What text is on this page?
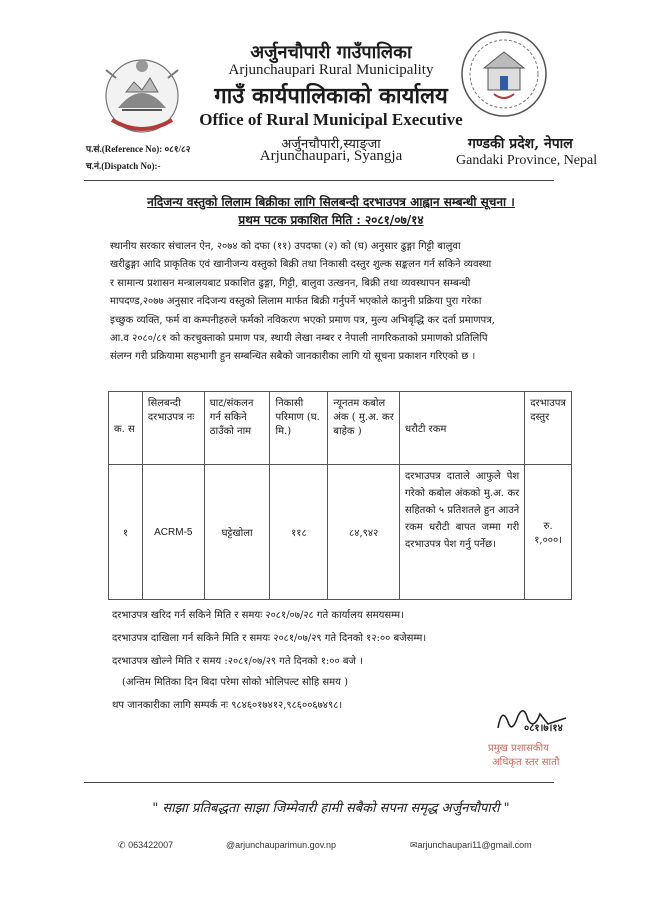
अर्जुनचौपारी गाउँपालिका
Arjunchaupari Rural Municipality
गाउँ कार्यपालिकाको कार्यालय
Office of Rural Municipal Executive
अर्जुनचौपारी,स्याङ्जा
Arjunchaupari, Syangja
गण्डकी प्रदेश, नेपाल
Gandaki Province, Nepal
प.सं.(Reference No): ०८१/८२
च.नं.(Dispatch No):-
नदिजन्य वस्तुको लिलाम बिक्रीका लागि सिलबन्दी दरभाउपत्र आह्वान सम्बन्धी सूचना ।
प्रथम पटक प्रकाशित मिति : २०८१/०७/१४
स्थानीय सरकार संचालन ऐन, २०७४ को दफा (११) उपदफा (२) को (घ) अनुसार ढुङ्गा गिट्टी बालुवा
खरीढुङ्गा आदि प्राकृतिक एवं खानीजन्य वस्तुको बिक्री तथा निकासी दस्तुर शुल्क सङ्कलन गर्न सकिने व्यवस्था
र सामान्य प्रशासन मन्त्रालयबाट प्रकाशित ढुङ्गा, गिट्टी, बालुवा उत्खनन, बिक्री तथा व्यवस्थापन सम्बन्धी
मापदण्ड,२०७७ अनुसार नदिजन्य वस्तुको लिलाम मार्फत बिक्री गर्नुपर्ने भएकोले कानुनी प्रक्रिया पुरा गरेका
इच्छुक व्यक्ति, फर्म वा कम्पनीहरुले फर्मको नविकरण भएको प्रमाण पत्र, मुल्य अभिबृद्धि कर दर्ता प्रमाणपत्र,
आ.व २०८०/८१ को करचुक्ताको प्रमाण पत्र, स्थायी लेखा नम्बर र नेपाली नागरिकताको प्रमाणको प्रतिलिपि
संलग्न गरी प्रक्रियामा सहभागी हुन सम्बन्धित सबैको जानकारीका लागि यो सूचना प्रकाशन गरिएको छ ।
क. स	सिलबन्दी दरभाउपत्र नः	घाट/संकलन गर्न सकिने ठाउँको नाम	निकासी परिमाण (घ. मि.)	न्यूनतम कबोल अंक ( मु.अ. कर बाहेक )	धरौटी रकम	दरभाउपत्र दस्तुर
१	ACRM-5	घट्टेखोला	११८	८४,९४२	दरभाउपत्र दाताले आफुले पेश गरेको कबोल अंकको मु.अ. कर सहितको ५ प्रतिशतले हुन आउने रकम धरौटी बापत जम्मा गरी दरभाउपत्र पेश गर्नु पर्नेछ।	रु. १,०००।
दरभाउपत्र खरिद गर्न सकिने मिति र समयः २०८१/०७/२८ गते कार्यालय समयसम्म।
दरभाउपत्र दाखिला गर्न सकिने मिति र समयः २०८१/०७/२९ गते दिनको १२:०० बजेसम्म।
दरभाउपत्र खोल्ने मिति र समय :२०८१/०७/२९ गते दिनको १:०० बजे ।
(अन्तिम मितिका दिन बिदा परेमा सोको भोलिपल्ट सोहि समय )
थप जानकारीका लागि सम्पर्क नः ९८४६०१७४१२,९८६००६७४९८।
०८१।७।१४
प्रमुख प्रशासकीय
अधिकृत स्तर सातौ
" साझा प्रतिबद्धता साझा जिम्मेवारी हामी सबैको सपना समृद्ध अर्जुनचौपारी "
✆ 063422007	@arjunchauparimun.gov.np	✉arjunchaupari11@gmail.com
